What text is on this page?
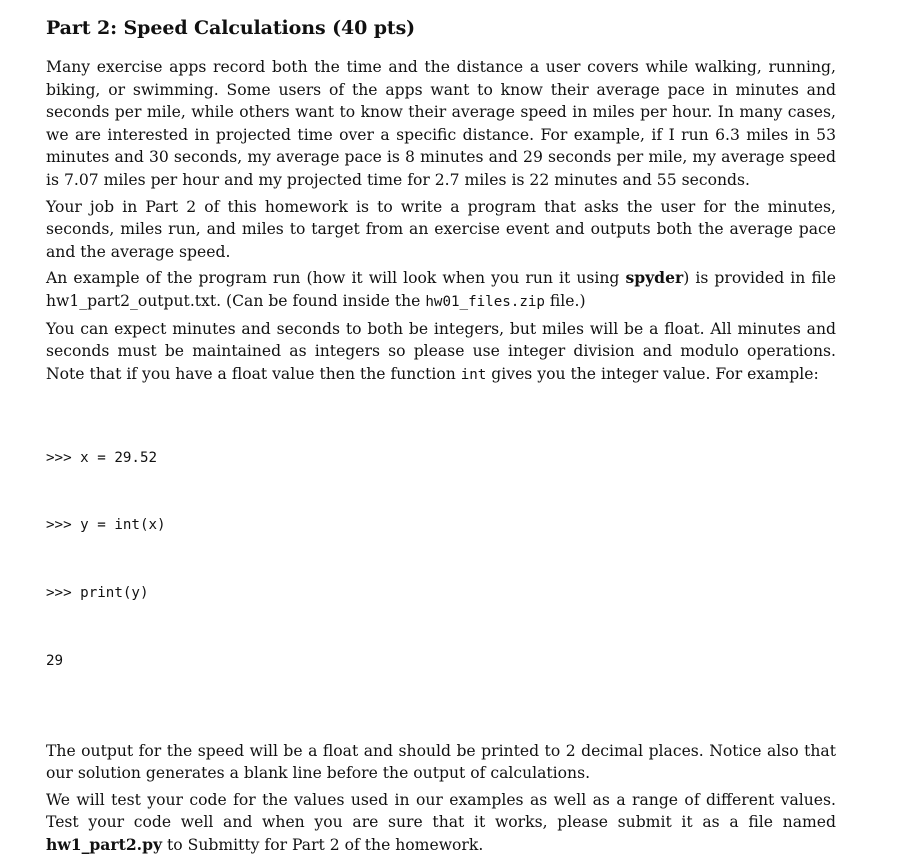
Part 2: Speed Calculations (40 pts)

Many exercise apps record both the time and the distance a user covers while walking, running, biking, or swimming. Some users of the apps want to know their average pace in minutes and seconds per mile, while others want to know their average speed in miles per hour. In many cases, we are interested in projected time over a specific distance. For example, if I run 6.3 miles in 53 minutes and 30 seconds, my average pace is 8 minutes and 29 seconds per mile, my average speed is 7.07 miles per hour and my projected time for 2.7 miles is 22 minutes and 55 seconds.

Your job in Part 2 of this homework is to write a program that asks the user for the minutes, seconds, miles run, and miles to target from an exercise event and outputs both the average pace and the average speed.

An example of the program run (how it will look when you run it using spyder) is provided in file hw1_part2_output.txt. (Can be found inside the hw01_files.zip file.)

You can expect minutes and seconds to both be integers, but miles will be a float. All minutes and seconds must be maintained as integers so please use integer division and modulo operations. Note that if you have a float value then the function int gives you the integer value. For example:

>>> x = 29.52

>>> y = int(x)

>>> print(y)

29

The output for the speed will be a float and should be printed to 2 decimal places. Notice also that our solution generates a blank line before the output of calculations.

We will test your code for the values used in our examples as well as a range of different values. Test your code well and when you are sure that it works, please submit it as a file named hw1_part2.py to Submitty for Part 2 of the homework.
